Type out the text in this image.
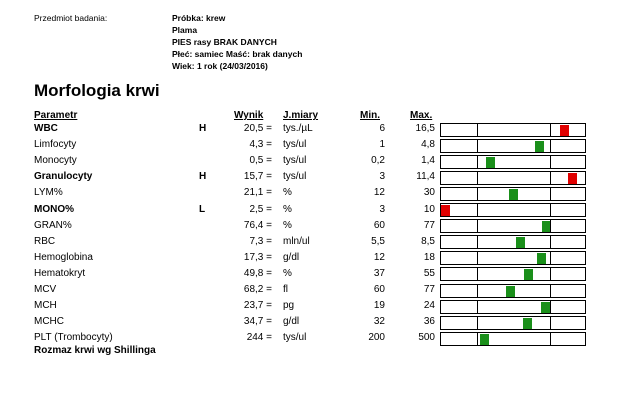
Przedmiot badania:	Próbka: krew
Plama
PIES rasy BRAK DANYCH
Płeć: samiec Maść: brak danych
Wiek: 1 rok (24/03/2016)
Morfologia krwi
Parametr	Wynik J.miary	Min.	Max.
WBC	H	20,5 = tys./µL	6	16,5
Limfocyty	4,3 = tys/ul	1	4,8
Monocyty	0,5 = tys/ul	0,2	1,4
Granulocyty	H	15,7 = tys/ul	3	11,4
LYM%	21,1 = %	12	30
MONO%	L	2,5 = %	3	10
GRAN%	76,4 = %	60	77
RBC	7,3 = mln/ul	5,5	8,5
Hemoglobina	17,3 = g/dl	12	18
Hematokryt	49,8 = %	37	55
MCV	68,2 = fl	60	77
MCH	23,7 = pg	19	24
MCHC	34,7 = g/dl	32	36
PLT (Trombocyty)	244 = tys/ul	200	500
Rozmaz krwi wg Shillinga
